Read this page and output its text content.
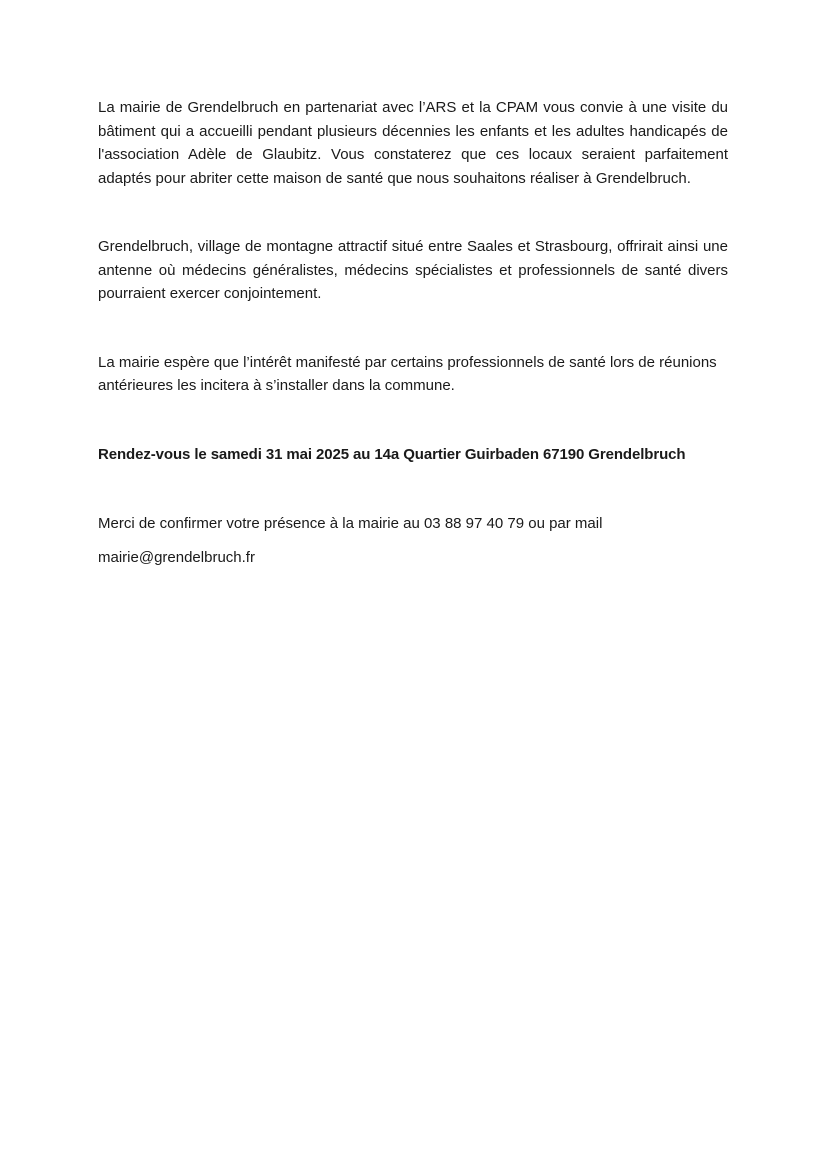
La mairie de Grendelbruch en partenariat avec l’ARS et la CPAM vous convie à une visite du bâtiment qui a accueilli pendant plusieurs décennies les enfants et les adultes handicapés de l'association Adèle de Glaubitz. Vous constaterez que ces locaux seraient parfaitement adaptés pour abriter cette maison de santé que nous souhaitons réaliser à Grendelbruch.

Grendelbruch, village de montagne attractif situé entre Saales et Strasbourg, offrirait ainsi une antenne où médecins généralistes, médecins spécialistes et professionnels de santé divers pourraient exercer conjointement.

La mairie espère que l’intérêt manifesté par certains professionnels de santé lors de réunions antérieures les incitera à s’installer dans la commune.

Rendez-vous le samedi 31 mai 2025 au 14a Quartier Guirbaden 67190 Grendelbruch

Merci de confirmer votre présence à la mairie au 03 88 97 40 79 ou par mail

mairie@grendelbruch.fr
